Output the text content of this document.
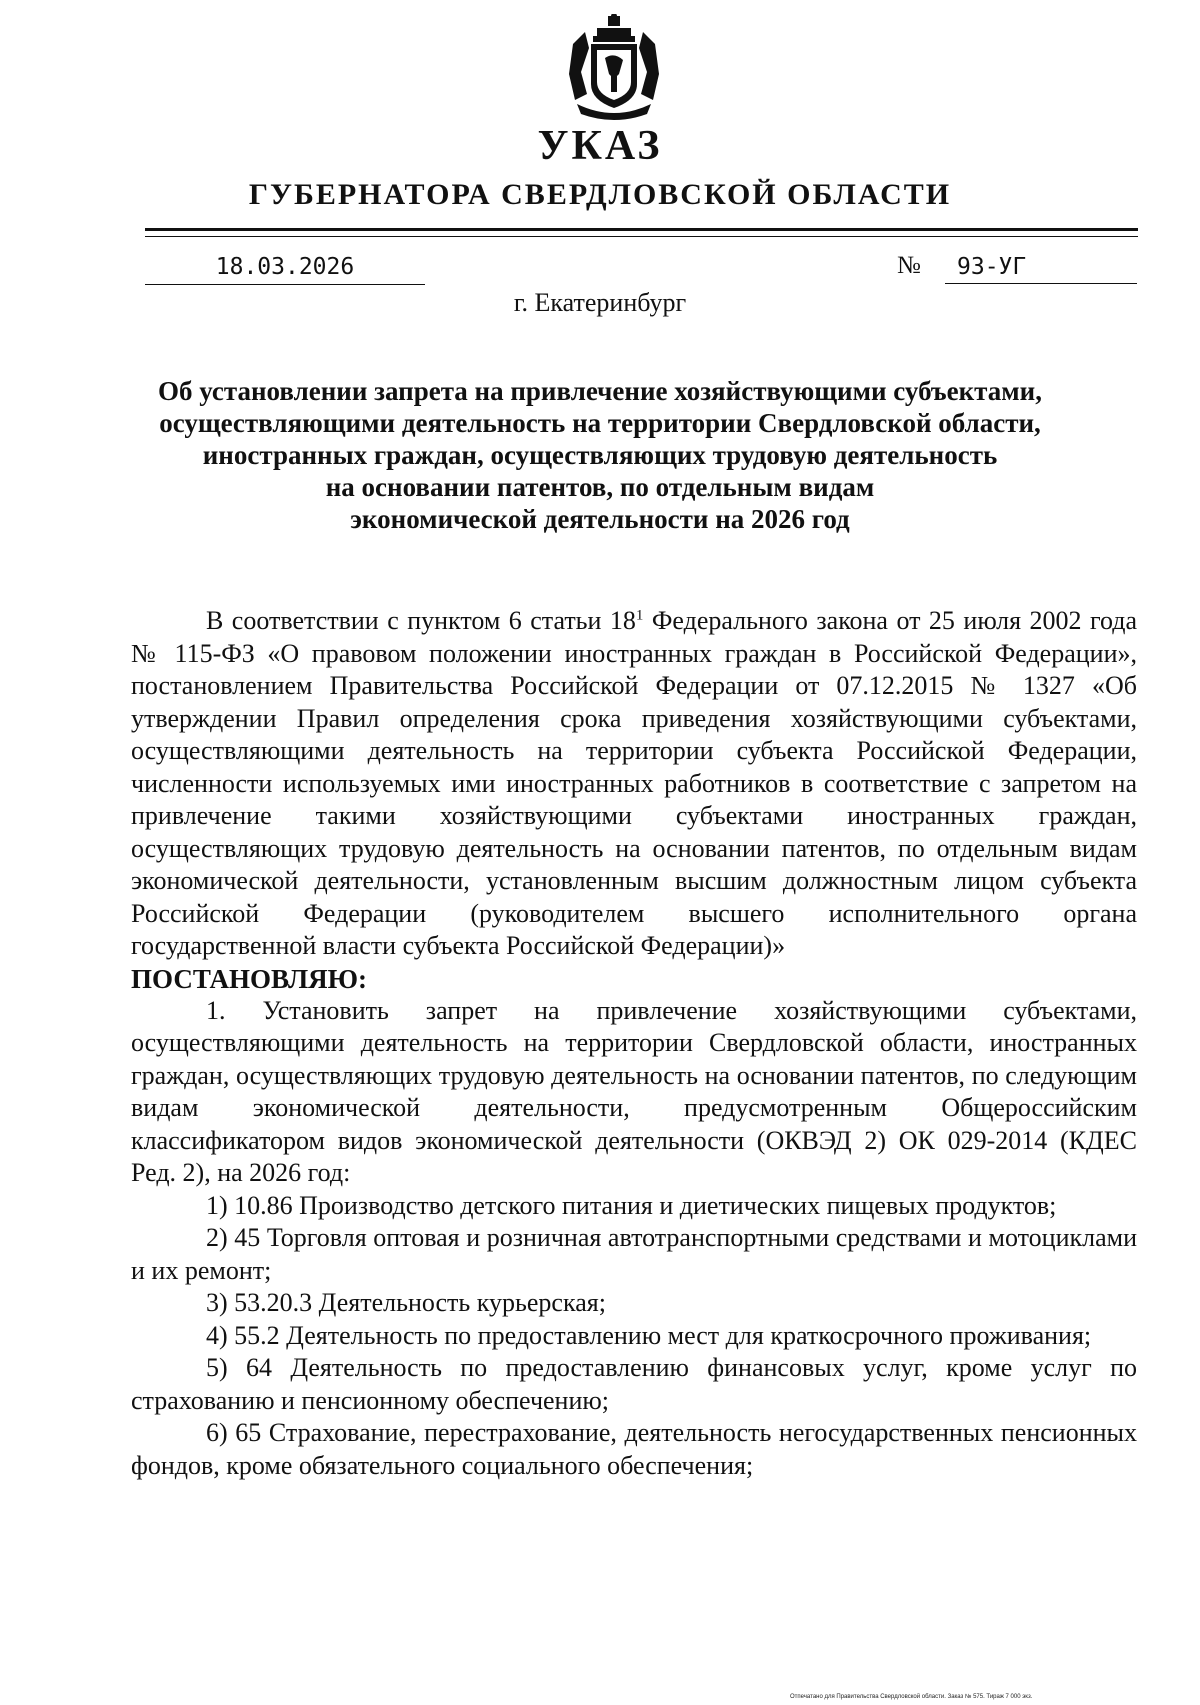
УКАЗ
ГУБЕРНАТОРА СВЕРДЛОВСКОЙ ОБЛАСТИ
18.03.2026	№	93-УГ
г. Екатеринбург
Об установлении запрета на привлечение хозяйствующими субъектами,
осуществляющими деятельность на территории Свердловской области,
иностранных граждан, осуществляющих трудовую деятельность
на основании патентов, по отдельным видам
экономической деятельности на 2026 год

В соответствии с пунктом 6 статьи $18^1$ Федерального закона от 25 июля 2002 года № 115-ФЗ «О правовом положении иностранных граждан в Российской Федерации», постановлением Правительства Российской Федерации от 07.12.2015 № 1327 «Об утверждении Правил определения срока приведения хозяйствующими субъектами, осуществляющими деятельность на территории субъекта Российской Федерации, численности используемых ими иностранных работников в соответствие с запретом на привлечение такими хозяйствующими субъектами иностранных граждан, осуществляющих трудовую деятельность на основании патентов, по отдельным видам экономической деятельности, установленным высшим должностным лицом субъекта Российской Федерации (руководителем высшего исполнительного органа государственной власти субъекта Российской Федерации)»

ПОСТАНОВЛЯЮ:

1. Установить запрет на привлечение хозяйствующими субъектами, осуществляющими деятельность на территории Свердловской области, иностранных граждан, осуществляющих трудовую деятельность на основании патентов, по следующим видам экономической деятельности, предусмотренным Общероссийским классификатором видов экономической деятельности (ОКВЭД 2) ОК 029-2014 (КДЕС Ред. 2), на 2026 год:

1) 10.86 Производство детского питания и диетических пищевых продуктов;

2) 45 Торговля оптовая и розничная автотранспортными средствами и мотоциклами и их ремонт;

3) 53.20.3 Деятельность курьерская;

4) 55.2 Деятельность по предоставлению мест для краткосрочного проживания;

5) 64 Деятельность по предоставлению финансовых услуг, кроме услуг по страхованию и пенсионному обеспечению;

6) 65 Страхование, перестрахование, деятельность негосударственных пенсионных фондов, кроме обязательного социального обеспечения;

Отпечатано для Правительства Свердловской области. Заказ № 575. Тираж 7 000 экз.
